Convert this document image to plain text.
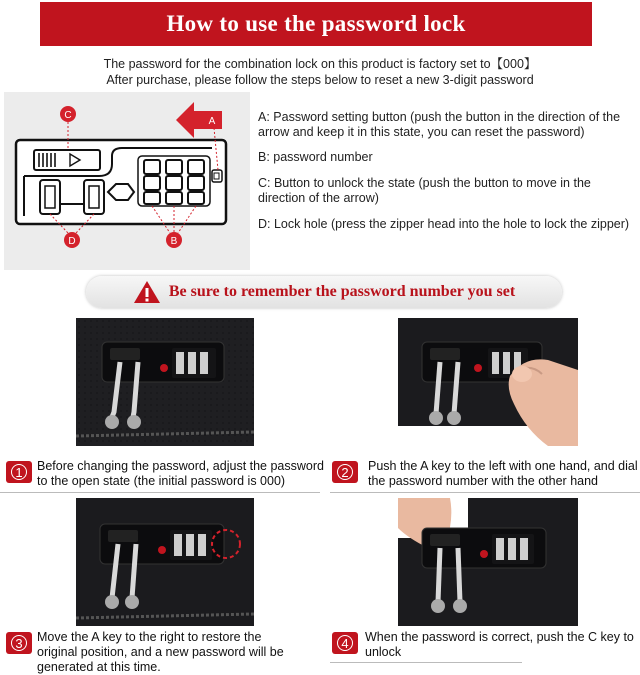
How to use the password lock
The password for the combination lock on this product is factory set to【000】
After purchase, please follow the steps below to reset a new 3-digit password
A
C
D	B
A: Password setting button (push the button in the direction of the arrow and keep it in this state, you can reset the password)
B: password number
C: Button to unlock the state (push the button to move in the direction of the arrow)
D: Lock hole (press the zipper head into the hole to lock the zipper)
Be sure to remember the password number you set
1	Before changing the password, adjust the password to the open state (the initial password is 000)
2	Push the A key to the left with one hand, and dial the password number with the other hand
3	Move the A key to the right to restore the original position, and a new password will be generated at this time.
4	When the password is correct, push the C key to unlock
